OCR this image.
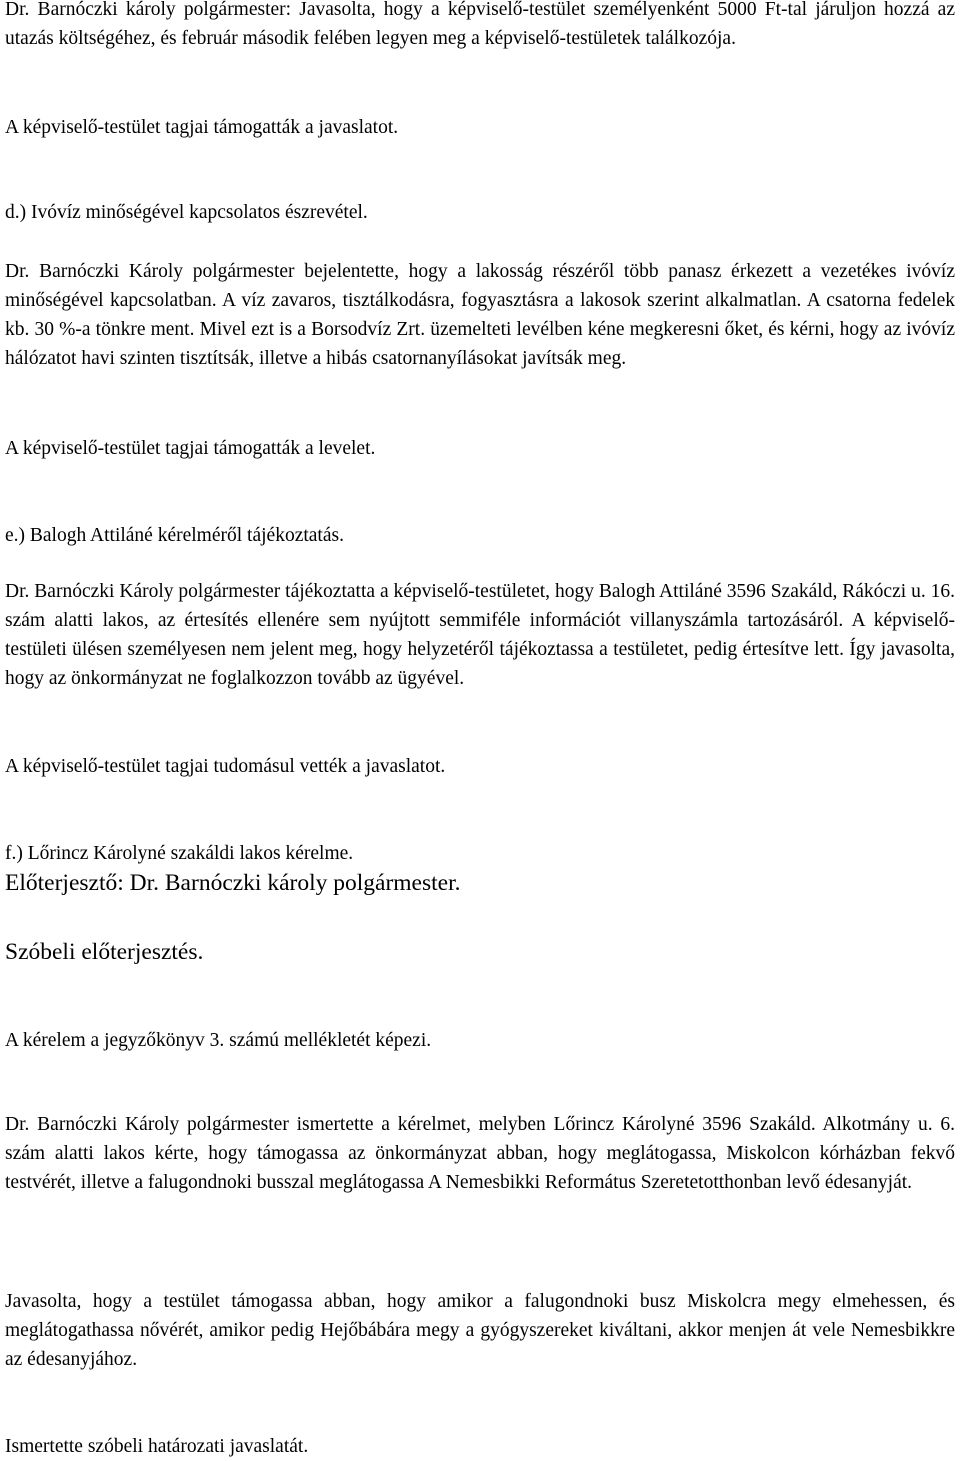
Dr. Barnóczki károly polgármester: Javasolta, hogy a képviselő-testület személyenként 5000 Ft-tal járuljon hozzá az utazás költségéhez, és február második felében legyen meg a képviselő-testületek találkozója.

A képviselő-testület tagjai támogatták a javaslatot.

d.) Ivóvíz minőségével kapcsolatos észrevétel.

Dr. Barnóczki Károly polgármester bejelentette, hogy a lakosság részéről több panasz érkezett a vezetékes ivóvíz minőségével kapcsolatban. A víz zavaros, tisztálkodásra, fogyasztásra a lakosok szerint alkalmatlan. A csatorna fedelek kb. 30 %-a tönkre ment. Mivel ezt is a Borsodvíz Zrt. üzemelteti levélben kéne megkeresni őket, és kérni, hogy az ivóvíz hálózatot havi szinten tisztítsák, illetve a hibás csatornanyílásokat javítsák meg.

A képviselő-testület tagjai támogatták a levelet.

e.) Balogh Attiláné kérelméről tájékoztatás.

Dr. Barnóczki Károly polgármester tájékoztatta a képviselő-testületet, hogy Balogh Attiláné 3596 Szakáld, Rákóczi u. 16. szám alatti lakos, az értesítés ellenére sem nyújtott semmiféle információt villanyszámla tartozásáról. A képviselő-testületi ülésen személyesen nem jelent meg, hogy helyzetéről tájékoztassa a testületet, pedig értesítve lett. Így javasolta, hogy az önkormányzat ne foglalkozzon tovább az ügyével.

A képviselő-testület tagjai tudomásul vették a javaslatot.

f.) Lőrincz Károlyné szakáldi lakos kérelme.

Előterjesztő: Dr. Barnóczki károly polgármester.

Szóbeli előterjesztés.

A kérelem a jegyzőkönyv 3. számú mellékletét képezi.

Dr. Barnóczki Károly polgármester ismertette a kérelmet, melyben Lőrincz Károlyné 3596 Szakáld. Alkotmány u. 6. szám alatti lakos kérte, hogy támogassa az önkormányzat abban, hogy meglátogassa, Miskolcon kórházban fekvő testvérét, illetve a falugondnoki busszal meglátogassa A Nemesbikki Református Szeretetotthonban levő édesanyját.

Javasolta, hogy a testület támogassa abban, hogy amikor a falugondnoki busz Miskolcra megy elmehessen, és meglátogathassa nővérét, amikor pedig Hejőbábára megy a gyógyszereket kiváltani, akkor menjen át vele Nemesbikkre az édesanyjához.

Ismertette szóbeli határozati javaslatát.
